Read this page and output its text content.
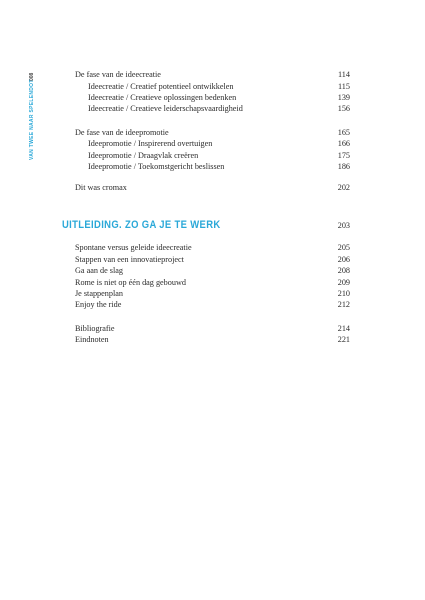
008
VAN TWEE NAAR SPELENDOT
De fase van de ideecreatie	114
Ideecreatie / Creatief potentieel ontwikkelen	115
Ideecreatie / Creatieve oplossingen bedenken	139
Ideecreatie / Creatieve leiderschapsvaardigheid	156
De fase van de ideepromotie	165
Ideepromotie / Inspirerend overtuigen	166
Ideepromotie / Draagvlak creëren	175
Ideepromotie / Toekomstgericht beslissen	186
Dit was cromax	202
UITLEIDING. ZO GA JE TE WERK	203
Spontane versus geleide ideecreatie	205
Stappen van een innovatieproject	206
Ga aan de slag	208
Rome is niet op één dag gebouwd	209
Je stappenplan	210
Enjoy the ride	212
Bibliografie	214
Eindnoten	221
